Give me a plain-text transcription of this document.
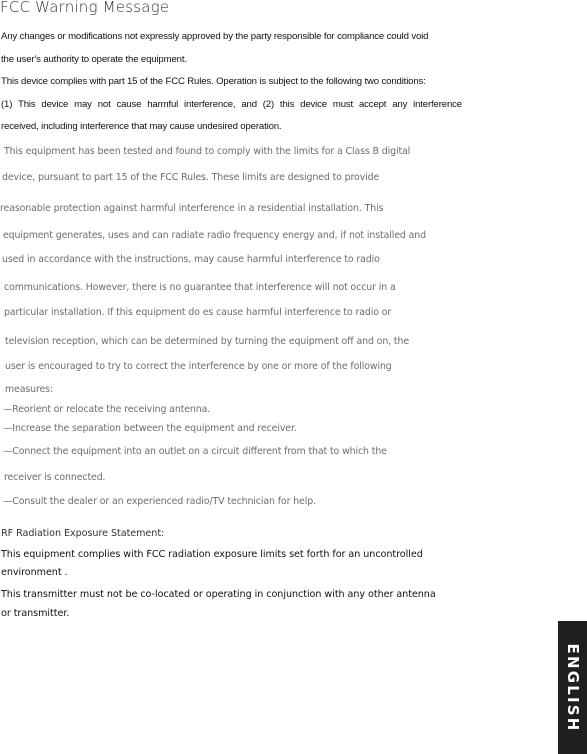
FCC Warning Message
Any changes or modifications not expressly approved by the party responsible for compliance could void
the user's authority to operate the equipment.
This device complies with part 15 of the FCC Rules. Operation is subject to the following two conditions:
(1) This device may not cause harmful interference, and (2) this device must accept any interference
received, including interference that may cause undesired operation.
This equipment has been tested and found to comply with the limits for a Class B digital
device, pursuant to part 15 of the FCC Rules. These limits are designed to provide
reasonable protection against harmful interference in a residential installation. This
equipment generates, uses and can radiate radio frequency energy and, if not installed and
used in accordance with the instructions, may cause harmful interference to radio
communications. However, there is no guarantee that interference will not occur in a
particular installation. If this equipment do es cause harmful interference to radio or
television reception, which can be determined by turning the equipment off and on, the
user is encouraged to try to correct the interference by one or more of the following
measures:
—Reorient or relocate the receiving antenna.
—Increase the separation between the equipment and receiver.
—Connect the equipment into an outlet on a circuit different from that to which the
receiver is connected.
—Consult the dealer or an experienced radio/TV technician for help.
RF Radiation Exposure Statement:
This equipment complies with FCC radiation exposure limits set forth for an uncontrolled
environment .
This transmitter must not be co-located or operating in conjunction with any other antenna
or transmitter.
ENGLISH
